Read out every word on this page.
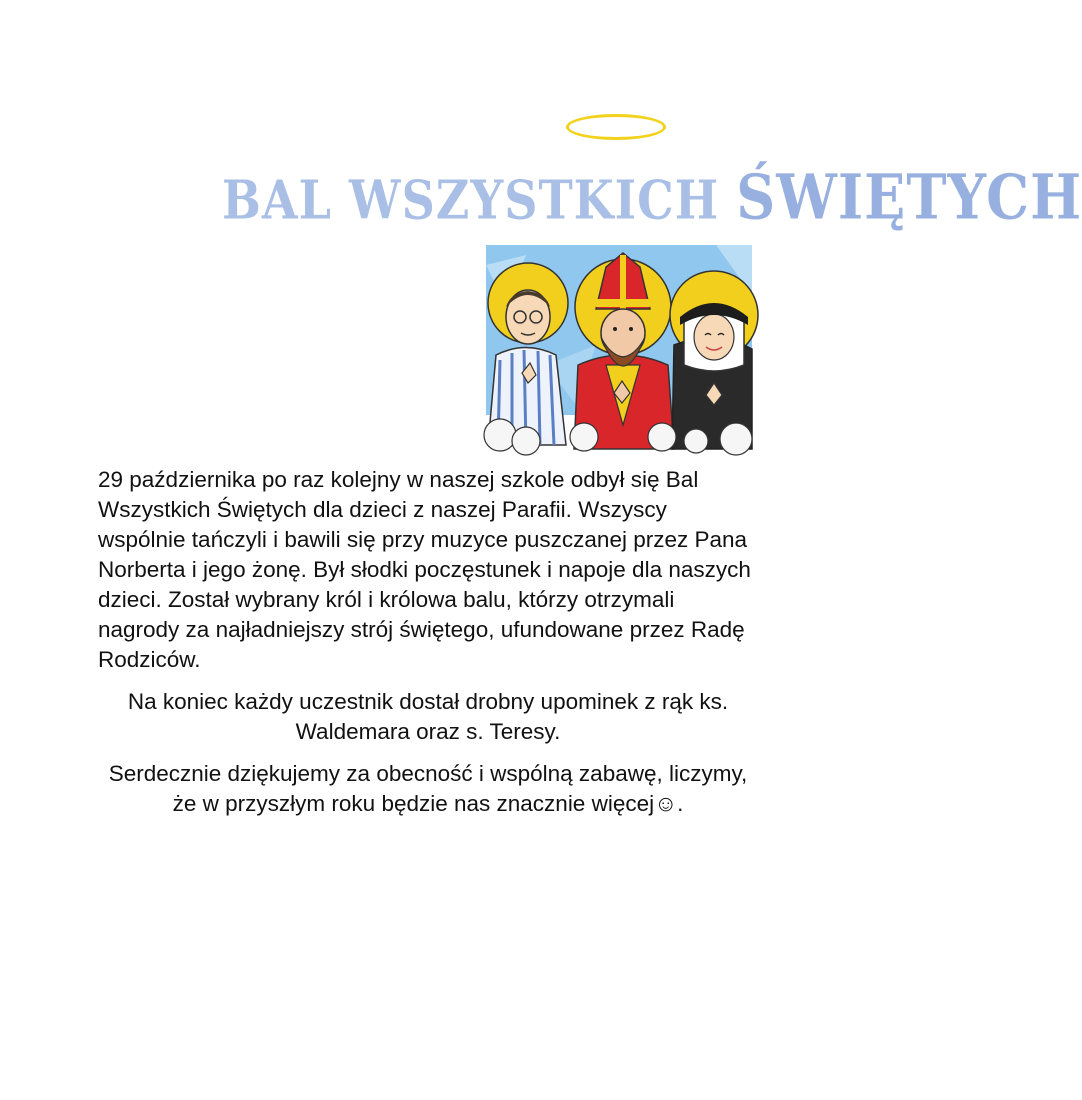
BAL WSZYSTKICH ŚWIĘTYCH

29 października po raz kolejny w naszej szkole odbył się Bal Wszystkich Świętych dla dzieci z naszej Parafii. Wszyscy wspólnie tańczyli i bawili się przy muzyce puszczanej przez Pana Norberta i jego żonę. Był słodki poczęstunek i napoje dla naszych dzieci. Został wybrany król i królowa balu, którzy otrzymali nagrody za najładniejszy strój świętego, ufundowane przez Radę Rodziców.

Na koniec każdy uczestnik dostał drobny upominek z rąk ks. Waldemara oraz s. Teresy.

Serdecznie dziękujemy za obecność i wspólną zabawę, liczymy, że w przyszłym roku będzie nas znacznie więcej☺.
